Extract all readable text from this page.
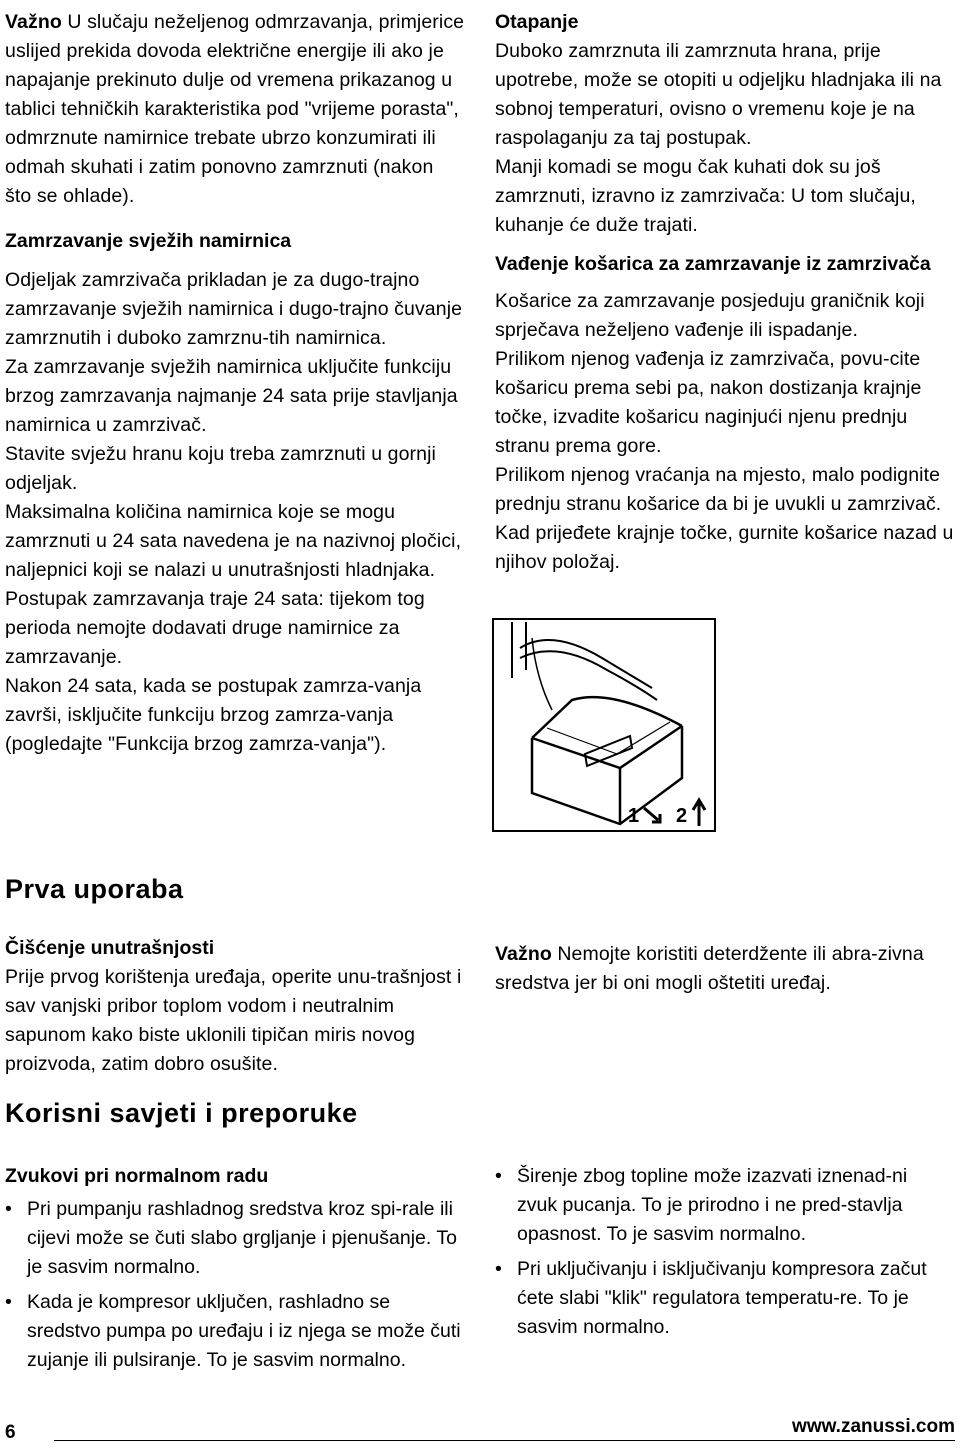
Važno U slučaju neželjenog odmrzavanja, primjerice uslijed prekida dovoda električne energije ili ako je napajanje prekinuto dulje od vremena prikazanog u tablici tehničkih karakteristika pod "vrijeme porasta", odmrznute namirnice trebate ubrzo konzumirati ili odmah skuhati i zatim ponovno zamrznuti (nakon što se ohlade).

Zamrzavanje svježih namirnica

Odjeljak zamrzivača prikladan je za dugo-trajno zamrzavanje svježih namirnica i dugo-trajno čuvanje zamrznutih i duboko zamrznu-tih namirnica.

Za zamrzavanje svježih namirnica uključite funkciju brzog zamrzavanja najmanje 24 sata prije stavljanja namirnica u zamrzivač.

Stavite svježu hranu koju treba zamrznuti u gornji odjeljak.

Maksimalna količina namirnica koje se mogu zamrznuti u 24 sata navedena je na nazivnoj pločici, naljepnici koji se nalazi u unutrašnjosti hladnjaka.

Postupak zamrzavanja traje 24 sata: tijekom tog perioda nemojte dodavati druge namirnice za zamrzavanje.

Nakon 24 sata, kada se postupak zamrza-vanja završi, isključite funkciju brzog zamrza-vanja (pogledajte "Funkcija brzog zamrza-vanja").

Otapanje

Duboko zamrznuta ili zamrznuta hrana, prije upotrebe, može se otopiti u odjeljku hladnjaka ili na sobnoj temperaturi, ovisno o vremenu koje je na raspolaganju za taj postupak.

Manji komadi se mogu čak kuhati dok su još zamrznuti, izravno iz zamrzivača: U tom slučaju, kuhanje će duže trajati.

Vađenje košarica za zamrzavanje iz zamrzivača

Košarice za zamrzavanje posjeduju graničnik koji sprječava neželjeno vađenje ili ispadanje.

Prilikom njenog vađenja iz zamrzivača, povu-cite košaricu prema sebi pa, nakon dostizanja krajnje točke, izvadite košaricu naginjući njenu prednju stranu prema gore.

Prilikom njenog vraćanja na mjesto, malo podignite prednju stranu košarice da bi je uvukli u zamrzivač. Kad prijeđete krajnje točke, gurnite košarice nazad u njihov položaj.

1 2
Prva uporaba

Čišćenje unutrašnjosti

Prije prvog korištenja uređaja, operite unu-trašnjost i sav vanjski pribor toplom vodom i neutralnim sapunom kako biste uklonili tipičan miris novog proizvoda, zatim dobro osušite.

Važno Nemojte koristiti deterdžente ili abra-zivna sredstva jer bi oni mogli oštetiti uređaj.

Korisni savjeti i preporuke

Zvukovi pri normalnom radu

• Pri pumpanju rashladnog sredstva kroz spi-rale ili cijevi može se čuti slabo grgljanje i pjenušanje. To je sasvim normalno.
• Kada je kompresor uključen, rashladno se sredstvo pumpa po uređaju i iz njega se može čuti zujanje ili pulsiranje. To je sasvim normalno.
• Širenje zbog topline može izazvati iznenad-ni zvuk pucanja. To je prirodno i ne pred-stavlja opasnost. To je sasvim normalno.
• Pri uključivanju i isključivanju kompresora začut ćete slabi "klik" regulatora temperatu-re. To je sasvim normalno.
6	www.zanussi.com
